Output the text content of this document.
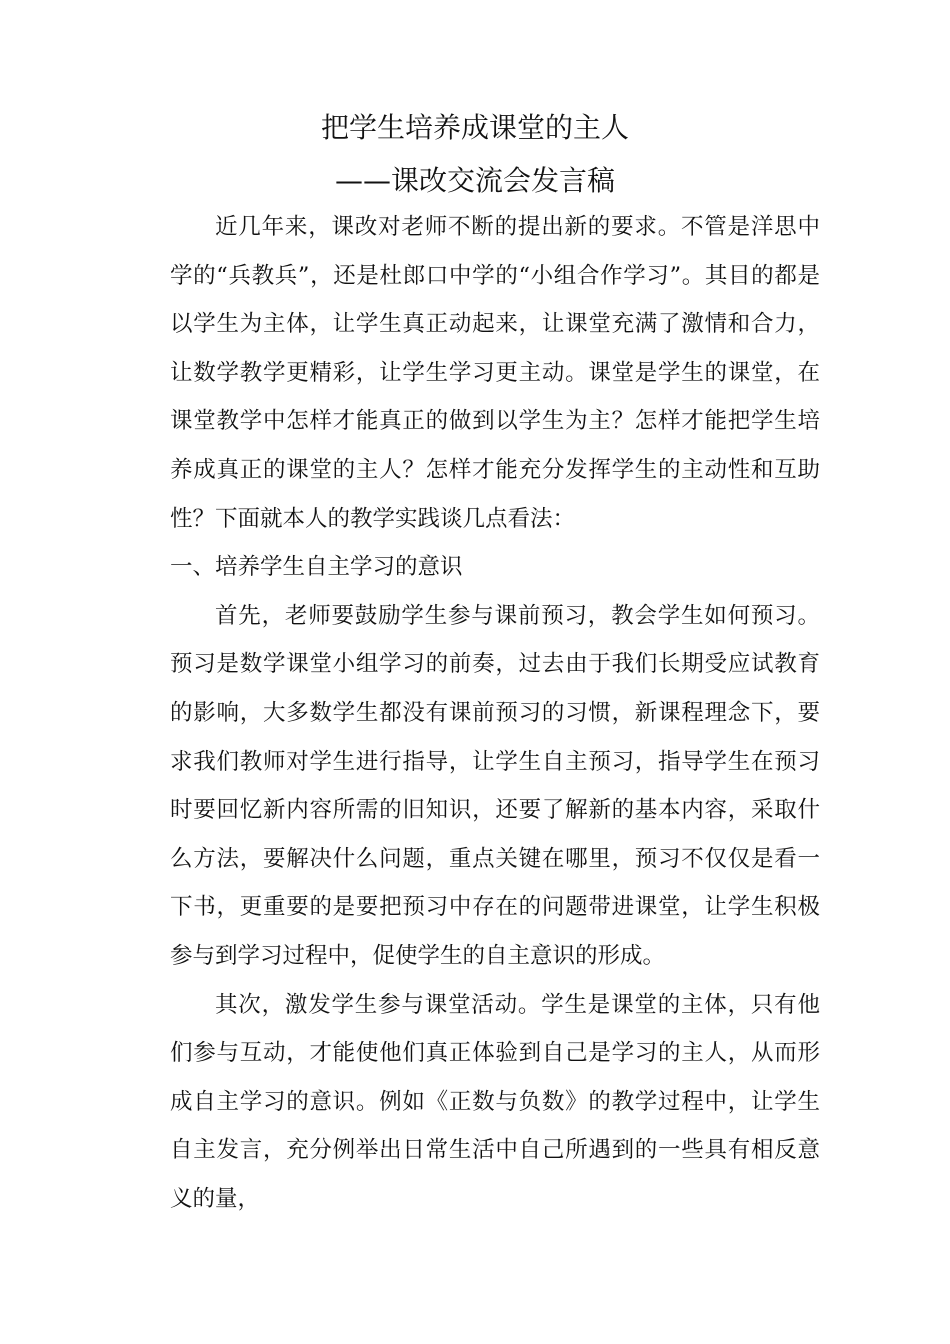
把学生培养成课堂的主人
——课改交流会发言稿

近几年来，课改对老师不断的提出新的要求。不管是洋思中学的“兵教兵”，还是杜郎口中学的“小组合作学习”。其目的都是以学生为主体，让学生真正动起来，让课堂充满了激情和合力，让数学教学更精彩，让学生学习更主动。课堂是学生的课堂，在课堂教学中怎样才能真正的做到以学生为主？怎样才能把学生培养成真正的课堂的主人？怎样才能充分发挥学生的主动性和互助性？下面就本人的教学实践谈几点看法：

一、培养学生自主学习的意识

首先，老师要鼓励学生参与课前预习，教会学生如何预习。预习是数学课堂小组学习的前奏，过去由于我们长期受应试教育的影响，大多数学生都没有课前预习的习惯，新课程理念下，要求我们教师对学生进行指导，让学生自主预习，指导学生在预习时要回忆新内容所需的旧知识，还要了解新的基本内容，采取什么方法，要解决什么问题，重点关键在哪里，预习不仅仅是看一下书，更重要的是要把预习中存在的问题带进课堂，让学生积极参与到学习过程中，促使学生的自主意识的形成。

其次，激发学生参与课堂活动。学生是课堂的主体，只有他们参与互动，才能使他们真正体验到自己是学习的主人，从而形成自主学习的意识。例如《正数与负数》的教学过程中，让学生自主发言，充分例举出日常生活中自己所遇到的一些具有相反意义的量，
